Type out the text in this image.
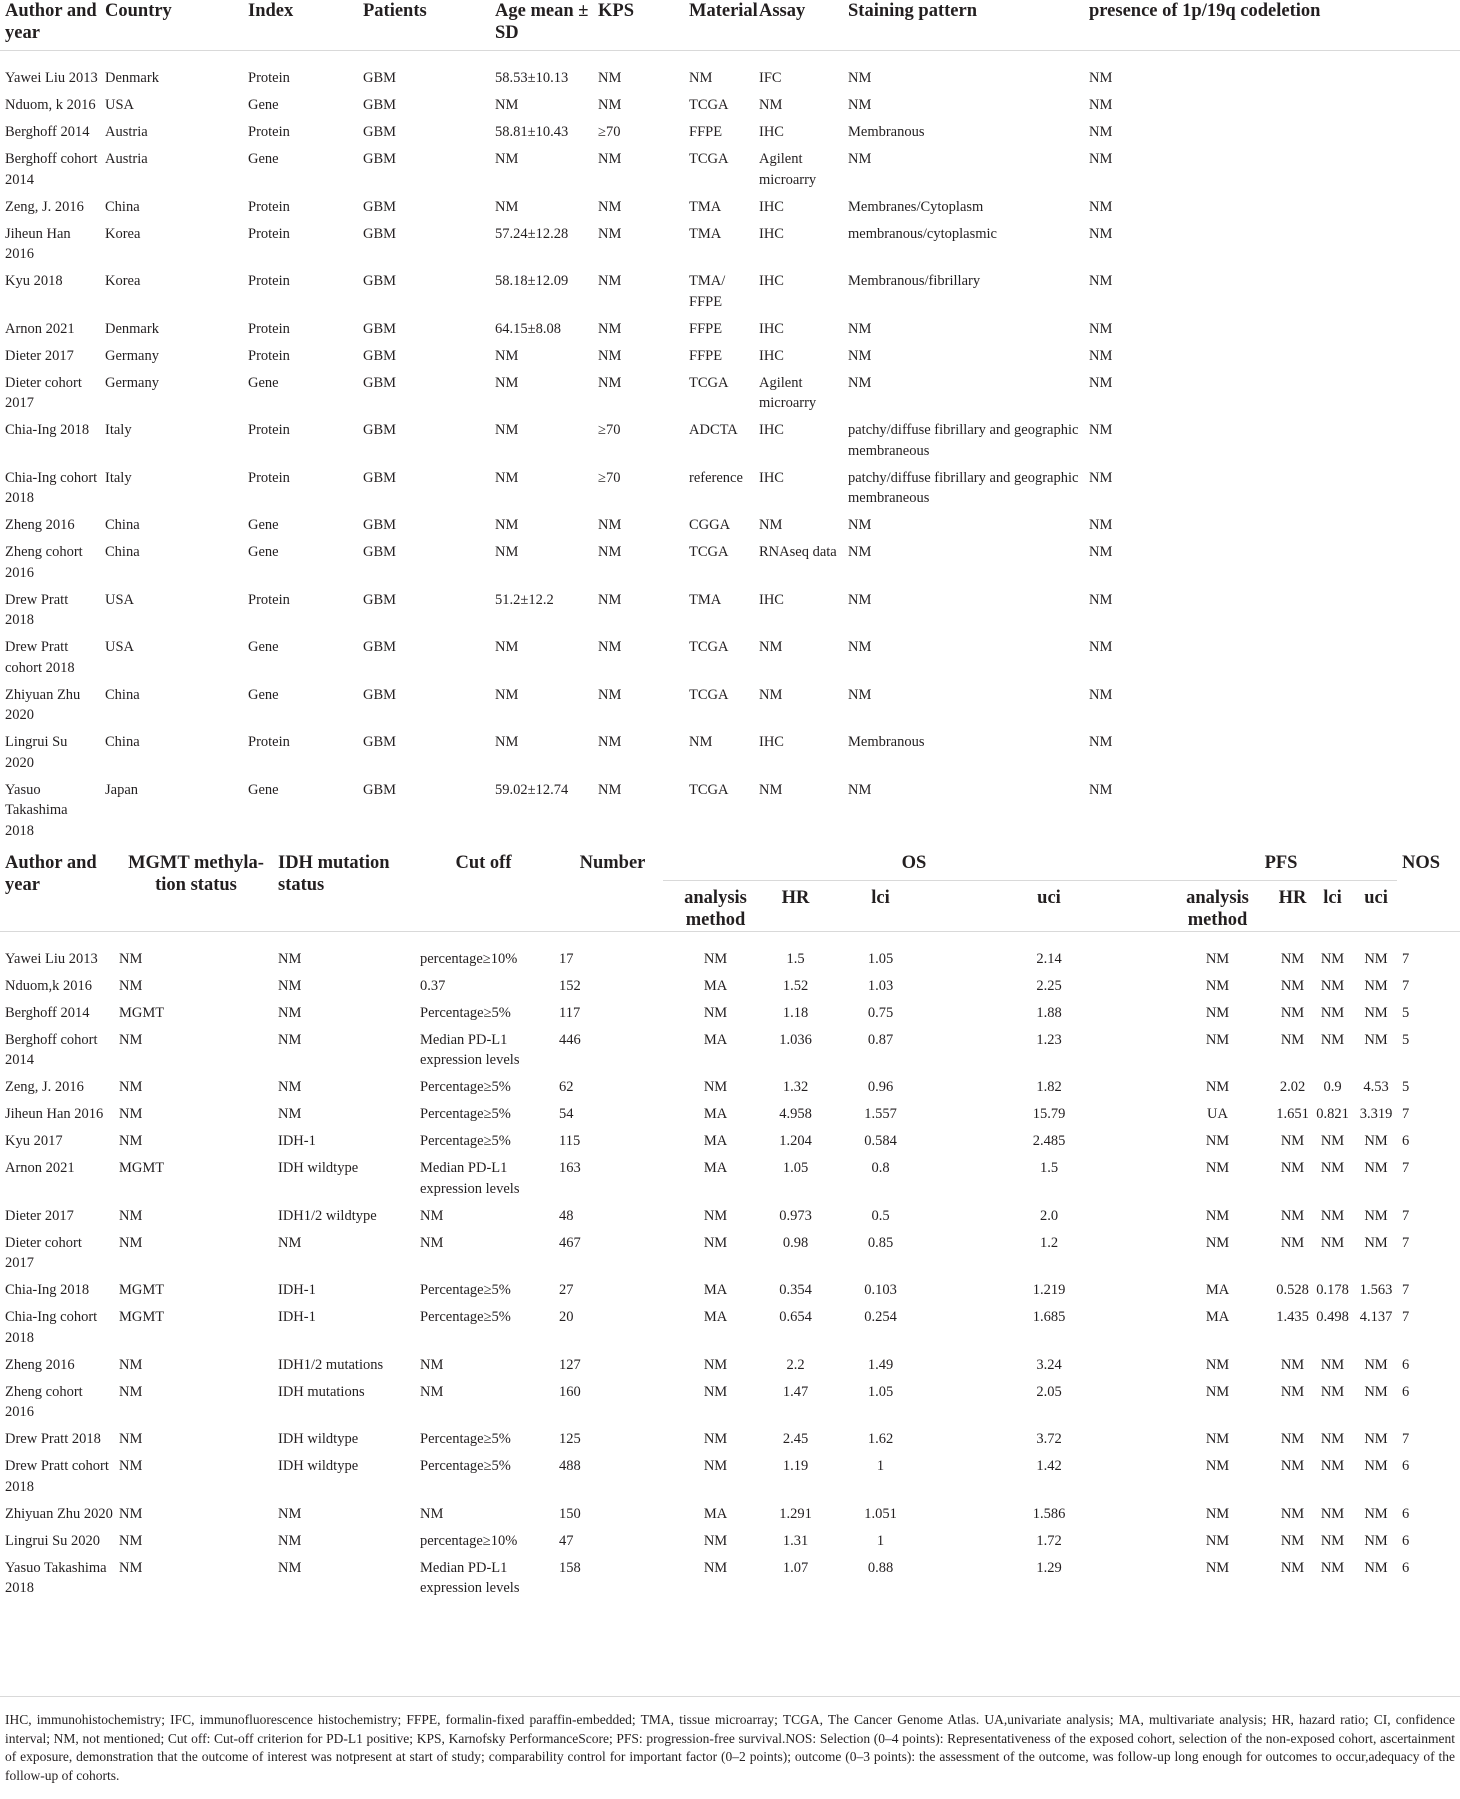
Author and year	Country	Index	Patients	Age mean ± SD	KPS	Material	Assay	Staining pattern	presence of 1p/19q codeletion
Yawei Liu 2013	Denmark	Protein	GBM	58.53±10.13	NM	NM	IFC	NM	NM
Nduom, k 2016	USA	Gene	GBM	NM	NM	TCGA	NM	NM	NM
Berghoff 2014	Austria	Protein	GBM	58.81±10.43	≥70	FFPE	IHC	Membranous	NM
Berghoff cohort 2014	Austria	Gene	GBM	NM	NM	TCGA	Agilent microarry	NM	NM
Zeng, J. 2016	China	Protein	GBM	NM	NM	TMA	IHC	Membranes/Cytoplasm	NM
Jiheun Han 2016	Korea	Protein	GBM	57.24±12.28	NM	TMA	IHC	membranous/cytoplasmic	NM
Kyu 2018	Korea	Protein	GBM	58.18±12.09	NM	TMA/ FFPE	IHC	Membranous/fibrillary	NM
Arnon 2021	Denmark	Protein	GBM	64.15±8.08	NM	FFPE	IHC	NM	NM
Dieter 2017	Germany	Protein	GBM	NM	NM	FFPE	IHC	NM	NM
Dieter cohort 2017	Germany	Gene	GBM	NM	NM	TCGA	Agilent microarry	NM	NM
Chia-Ing 2018	Italy	Protein	GBM	NM	≥70	ADCTA	IHC	patchy/diffuse fibrillary and geographic membraneous	NM
Chia-Ing cohort 2018	Italy	Protein	GBM	NM	≥70	reference	IHC	patchy/diffuse fibrillary and geographic membraneous	NM
Zheng 2016	China	Gene	GBM	NM	NM	CGGA	NM	NM	NM
Zheng cohort 2016	China	Gene	GBM	NM	NM	TCGA	RNAseq data	NM	NM
Drew Pratt 2018	USA	Protein	GBM	51.2±12.2	NM	TMA	IHC	NM	NM
Drew Pratt cohort 2018	USA	Gene	GBM	NM	NM	TCGA	NM	NM	NM
Zhiyuan Zhu 2020	China	Gene	GBM	NM	NM	TCGA	NM	NM	NM
Lingrui Su 2020	China	Protein	GBM	NM	NM	NM	IHC	Membranous	NM
Yasuo Takashima 2018	Japan	Gene	GBM	59.02±12.74	NM	TCGA	NM	NM	NM
Author and year	MGMT methyla-tion status	IDH mutation status	Cut off	Number	OS				PFS				NOS
					analysis method	HR	lci	uci	analysis method	HR	lci	uci	
Yawei Liu 2013	NM	NM	percentage≥10%	17	NM	1.5	1.05	2.14	NM	NM	NM	NM	7
Nduom,k 2016	NM	NM	0.37	152	MA	1.52	1.03	2.25	NM	NM	NM	NM	7
Berghoff 2014	MGMT	NM	Percentage≥5%	117	NM	1.18	0.75	1.88	NM	NM	NM	NM	5
Berghoff cohort 2014	NM	NM	Median PD-L1 expression levels	446	MA	1.036	0.87	1.23	NM	NM	NM	NM	5
Zeng, J. 2016	NM	NM	Percentage≥5%	62	NM	1.32	0.96	1.82	NM	2.02	0.9	4.53	5
Jiheun Han 2016	NM	NM	Percentage≥5%	54	MA	4.958	1.557	15.79	UA	1.651	0.821	3.319	7
Kyu 2017	NM	IDH-1	Percentage≥5%	115	MA	1.204	0.584	2.485	NM	NM	NM	NM	6
Arnon 2021	MGMT	IDH wildtype	Median PD-L1 expression levels	163	MA	1.05	0.8	1.5	NM	NM	NM	NM	7
Dieter 2017	NM	IDH1/2 wildtype	NM	48	NM	0.973	0.5	2.0	NM	NM	NM	NM	7
Dieter cohort 2017	NM	NM	NM	467	NM	0.98	0.85	1.2	NM	NM	NM	NM	7
Chia-Ing 2018	MGMT	IDH-1	Percentage≥5%	27	MA	0.354	0.103	1.219	MA	0.528	0.178	1.563	7
Chia-Ing cohort 2018	MGMT	IDH-1	Percentage≥5%	20	MA	0.654	0.254	1.685	MA	1.435	0.498	4.137	7
Zheng 2016	NM	IDH1/2 mutations	NM	127	NM	2.2	1.49	3.24	NM	NM	NM	NM	6
Zheng cohort 2016	NM	IDH mutations	NM	160	NM	1.47	1.05	2.05	NM	NM	NM	NM	6
Drew Pratt 2018	NM	IDH wildtype	Percentage≥5%	125	NM	2.45	1.62	3.72	NM	NM	NM	NM	7
Drew Pratt cohort 2018	NM	IDH wildtype	Percentage≥5%	488	NM	1.19	1	1.42	NM	NM	NM	NM	6
Zhiyuan Zhu 2020	NM	NM	NM	150	MA	1.291	1.051	1.586	NM	NM	NM	NM	6
Lingrui Su 2020	NM	NM	percentage≥10%	47	NM	1.31	1	1.72	NM	NM	NM	NM	6
Yasuo Takashima 2018	NM	NM	Median PD-L1 expression levels	158	NM	1.07	0.88	1.29	NM	NM	NM	NM	6
IHC, immunohistochemistry; IFC, immunofluorescence histochemistry; FFPE, formalin-fixed paraffin-embedded; TMA, tissue microarray; TCGA, The Cancer Genome Atlas. UA,univariate analysis; MA, multivariate analysis; HR, hazard ratio; CI, confidence interval; NM, not mentioned; Cut off: Cut-off criterion for PD-L1 positive; KPS, Karnofsky PerformanceScore; PFS: progression-free survival.NOS: Selection (0–4 points): Representativeness of the exposed cohort, selection of the non-exposed cohort, ascertainment of exposure, demonstration that the outcome of interest was notpresent at start of study; comparability control for important factor (0–2 points); outcome (0–3 points): the assessment of the outcome, was follow-up long enough for outcomes to occur,adequacy of the follow-up of cohorts.
